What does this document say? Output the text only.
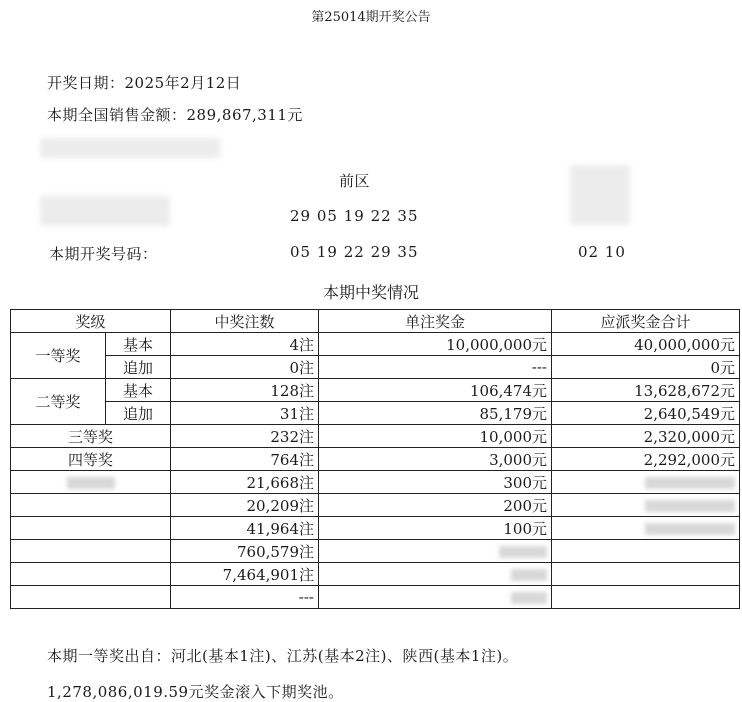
第25014期开奖公告
开奖日期：2025年2月12日
本期全国销售金额：289,867,311元
前区
29 05 19 22 35
本期开奖号码：	05 19 22 29 35	02 10
本期中奖情况
奖级		中奖注数	单注奖金	应派奖金合计
一等奖	基本	4注	10,000,000元	40,000,000元
	追加	0注	---	0元
二等奖	基本	128注	106,474元	13,628,672元
	追加	31注	85,179元	2,640,549元
三等奖		232注	10,000元	2,320,000元
四等奖		764注	3,000元	2,292,000元
		21,668注	300元	
		20,209注	200元	
		41,964注	100元	
		760,579注		
		7,464,901注		
		---		
本期一等奖出自：河北(基本1注)、江苏(基本2注)、陕西(基本1注)。
1,278,086,019.59元奖金滚入下期奖池。
